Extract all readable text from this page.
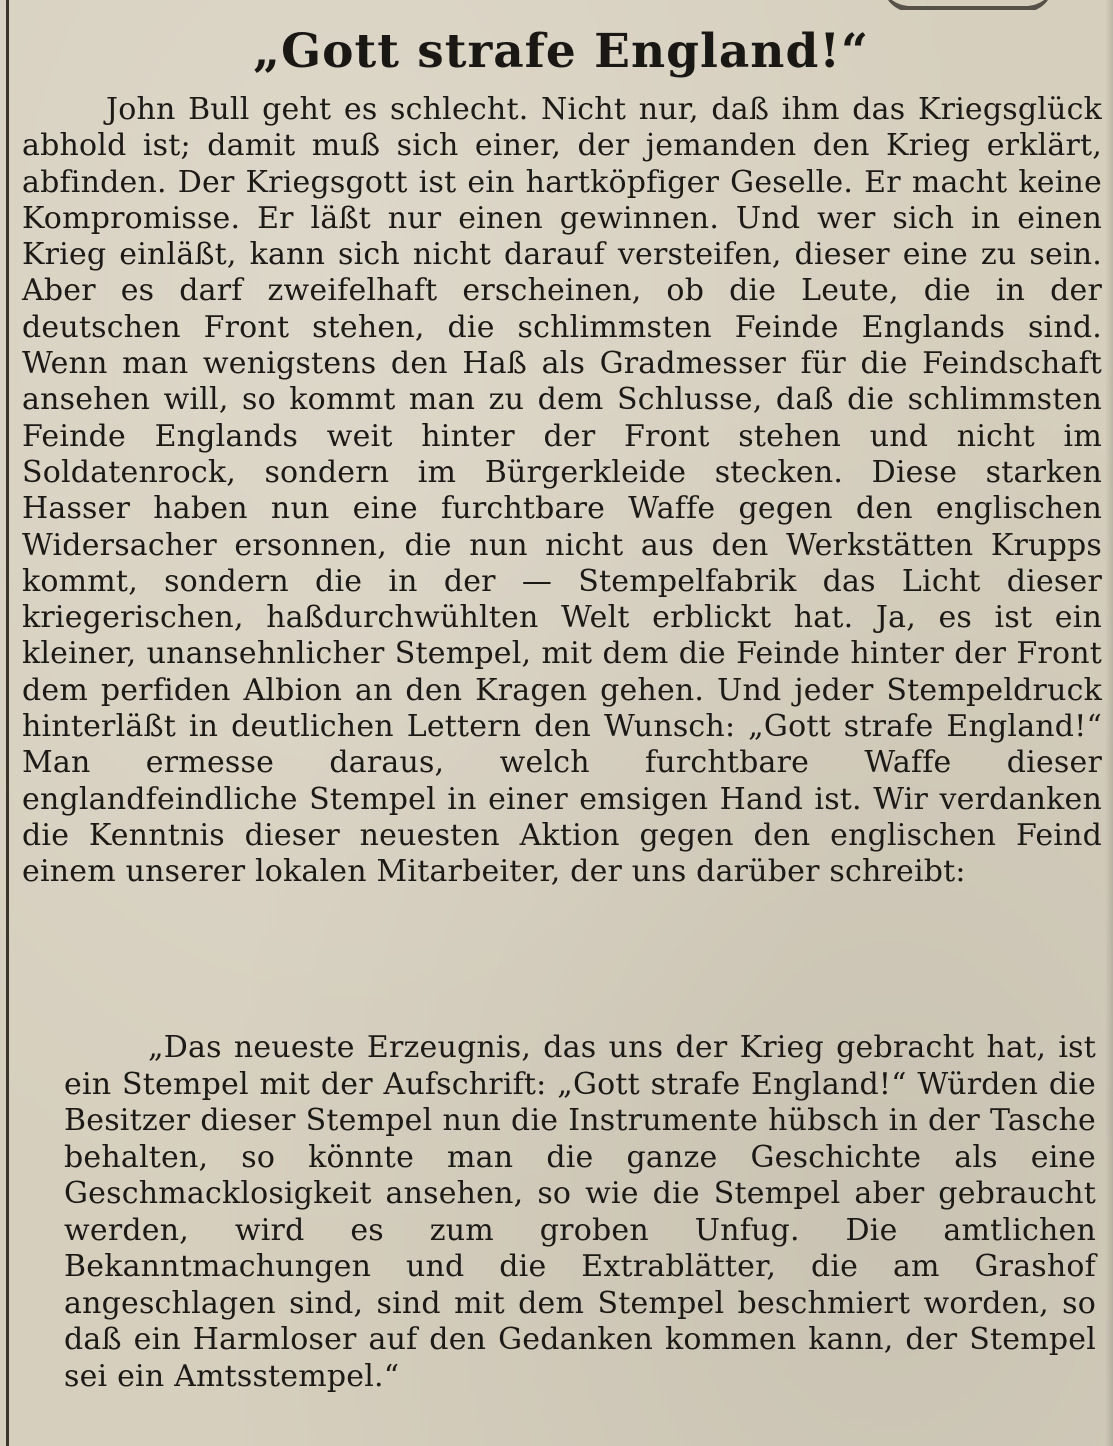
„Gott strafe England!“

John Bull geht es schlecht. Nicht nur, daß ihm das Kriegsglück abhold ist; damit muß sich einer, der jemanden den Krieg erklärt, abfinden. Der Kriegsgott ist ein hartköpfiger Geselle. Er macht keine Kompromisse. Er läßt nur einen gewinnen. Und wer sich in einen Krieg einläßt, kann sich nicht darauf versteifen, dieser eine zu sein. Aber es darf zweifelhaft erscheinen, ob die Leute, die in der deutschen Front stehen, die schlimmsten Feinde Englands sind. Wenn man wenigstens den Haß als Gradmesser für die Feindschaft ansehen will, so kommt man zu dem Schlusse, daß die schlimmsten Feinde Englands weit hinter der Front stehen und nicht im Soldatenrock, sondern im Bürgerkleide stecken. Diese starken Hasser haben nun eine furchtbare Waffe gegen den englischen Widersacher ersonnen, die nun nicht aus den Werkstätten Krupps kommt, sondern die in der — Stempelfabrik das Licht dieser kriegerischen, haßdurchwühlten Welt erblickt hat. Ja, es ist ein kleiner, unansehnlicher Stempel, mit dem die Feinde hinter der Front dem perfiden Albion an den Kragen gehen. Und jeder Stempeldruck hinterläßt in deutlichen Lettern den Wunsch: „Gott strafe England!“ Man ermesse daraus, welch furchtbare Waffe dieser englandfeindliche Stempel in einer emsigen Hand ist. Wir verdanken die Kenntnis dieser neuesten Aktion gegen den englischen Feind einem unserer lokalen Mitarbeiter, der uns darüber schreibt:

„Das neueste Erzeugnis, das uns der Krieg gebracht hat, ist ein Stempel mit der Aufschrift: „Gott strafe England!“ Würden die Besitzer dieser Stempel nun die Instrumente hübsch in der Tasche behalten, so könnte man die ganze Geschichte als eine Geschmacklosigkeit ansehen, so wie die Stempel aber gebraucht werden, wird es zum groben Unfug. Die amtlichen Bekanntmachungen und die Extrablätter, die am Grashof angeschlagen sind, sind mit dem Stempel beschmiert worden, so daß ein Harmloser auf den Gedanken kommen kann, der Stempel sei ein Amtsstempel.“
